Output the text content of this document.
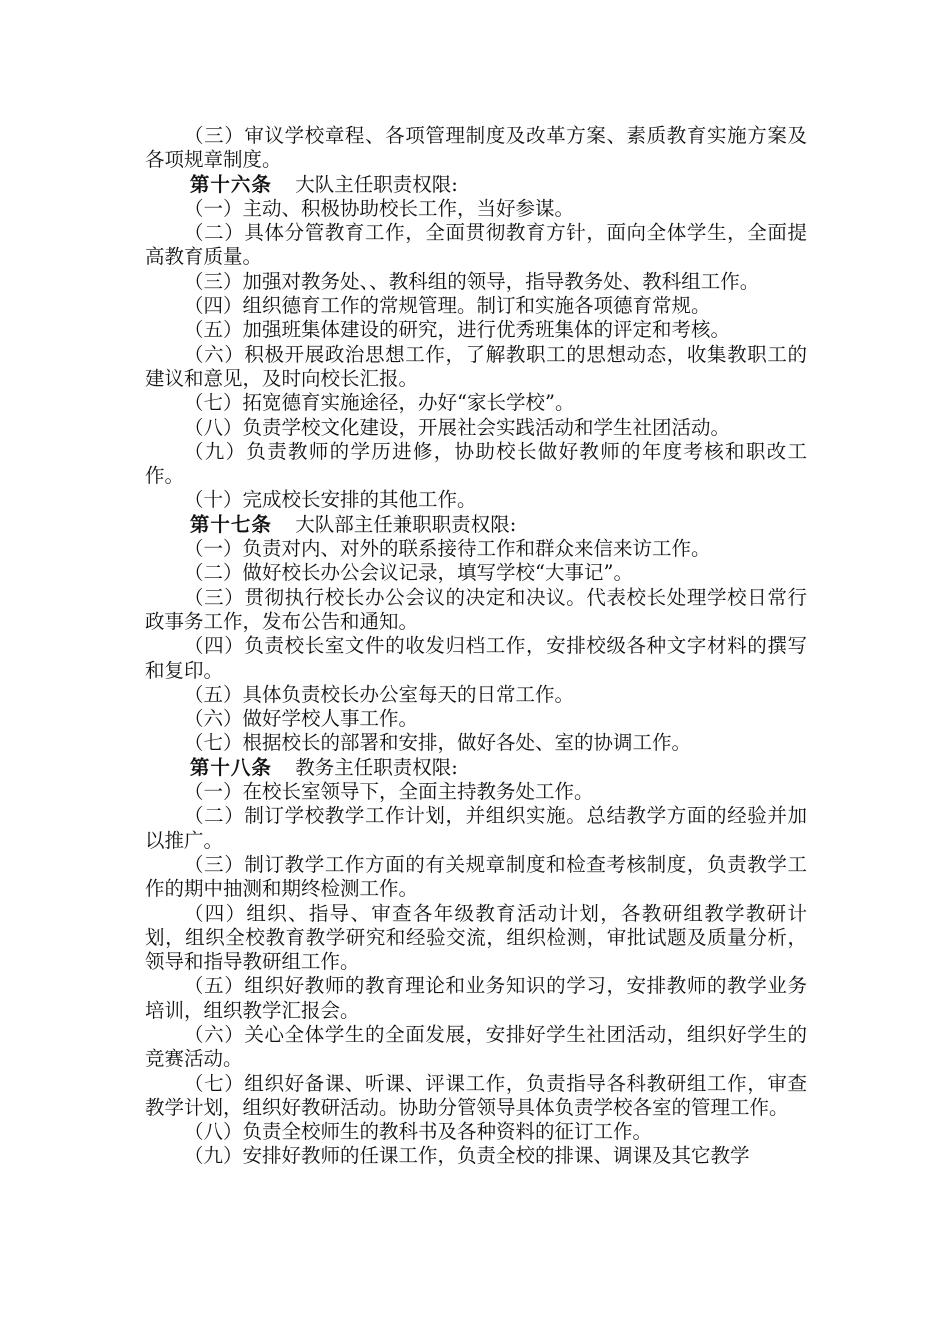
（三）审议学校章程、各项管理制度及改革方案、素质教育实施方案及各项规章制度。

第十六条 大队主任职责权限:

（一）主动、积极协助校长工作，当好参谋。

（二）具体分管教育工作，全面贯彻教育方针，面向全体学生，全面提高教育质量。

（三）加强对教务处、、教科组的领导，指导教务处、教科组工作。

（四）组织德育工作的常规管理。制订和实施各项德育常规。

（五）加强班集体建设的研究，进行优秀班集体的评定和考核。

（六）积极开展政治思想工作，了解教职工的思想动态，收集教职工的建议和意见，及时向校长汇报。

（七）拓宽德育实施途径，办好“家长学校”。

（八）负责学校文化建设，开展社会实践活动和学生社团活动。

（九）负责教师的学历进修，协助校长做好教师的年度考核和职改工作。

（十）完成校长安排的其他工作。

第十七条 大队部主任兼职职责权限:

（一）负责对内、对外的联系接待工作和群众来信来访工作。

（二）做好校长办公会议记录，填写学校“大事记”。

（三）贯彻执行校长办公会议的决定和决议。代表校长处理学校日常行政事务工作，发布公告和通知。

（四）负责校长室文件的收发归档工作，安排校级各种文字材料的撰写和复印。

（五）具体负责校长办公室每天的日常工作。

（六）做好学校人事工作。

（七）根据校长的部署和安排，做好各处、室的协调工作。

第十八条 教务主任职责权限:

（一）在校长室领导下，全面主持教务处工作。

（二）制订学校教学工作计划，并组织实施。总结教学方面的经验并加以推广。

（三）制订教学工作方面的有关规章制度和检查考核制度，负责教学工作的期中抽测和期终检测工作。

（四）组织、指导、审查各年级教育活动计划，各教研组教学教研计划，组织全校教育教学研究和经验交流，组织检测，审批试题及质量分析，领导和指导教研组工作。

（五）组织好教师的教育理论和业务知识的学习，安排教师的教学业务培训，组织教学汇报会。

（六）关心全体学生的全面发展，安排好学生社团活动，组织好学生的竞赛活动。

（七）组织好备课、听课、评课工作，负责指导各科教研组工作，审查教学计划，组织好教研活动。协助分管领导具体负责学校各室的管理工作。

（八）负责全校师生的教科书及各种资料的征订工作。

（九）安排好教师的任课工作，负责全校的排课、调课及其它教学
